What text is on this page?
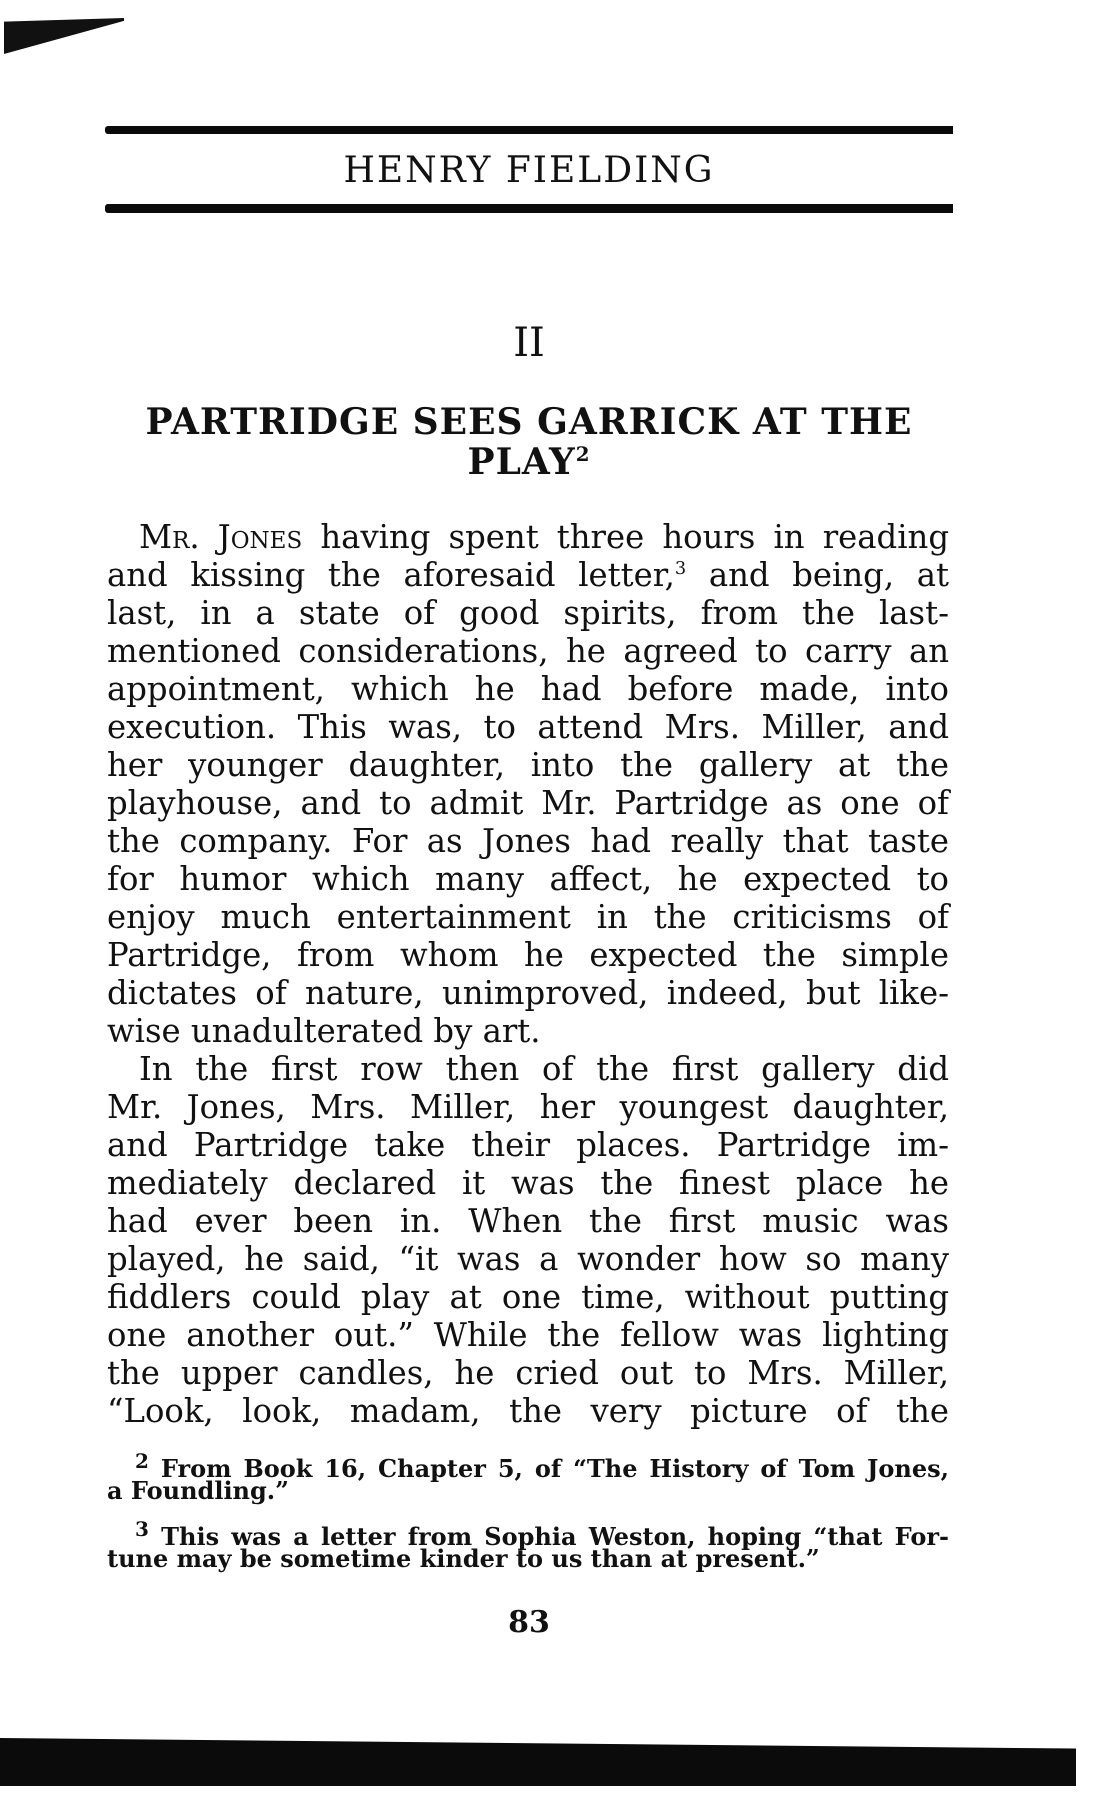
HENRY FIELDING
II
PARTRIDGE SEES GARRICK AT THE
PLAY$^2$
Mr. Jones having spent three hours in reading
and kissing the aforesaid letter,$^3$ and being, at
last, in a state of good spirits, from the last-
mentioned considerations, he agreed to carry an
appointment, which he had before made, into
execution. This was, to attend Mrs. Miller, and
her younger daughter, into the gallery at the
playhouse, and to admit Mr. Partridge as one of
the company. For as Jones had really that taste
for humor which many affect, he expected to
enjoy much entertainment in the criticisms of
Partridge, from whom he expected the simple
dictates of nature, unimproved, indeed, but like-
wise unadulterated by art.
In the first row then of the first gallery did
Mr. Jones, Mrs. Miller, her youngest daughter,
and Partridge take their places. Partridge im-
mediately declared it was the finest place he
had ever been in. When the first music was
played, he said, “it was a wonder how so many
fiddlers could play at one time, without putting
one another out.” While the fellow was lighting
the upper candles, he cried out to Mrs. Miller,
“Look, look, madam, the very picture of the
$^2$ From Book 16, Chapter 5, of “The History of Tom Jones,
a Foundling.”
$^3$ This was a letter from Sophia Weston, hoping “that For-
tune may be sometime kinder to us than at present.”
83
